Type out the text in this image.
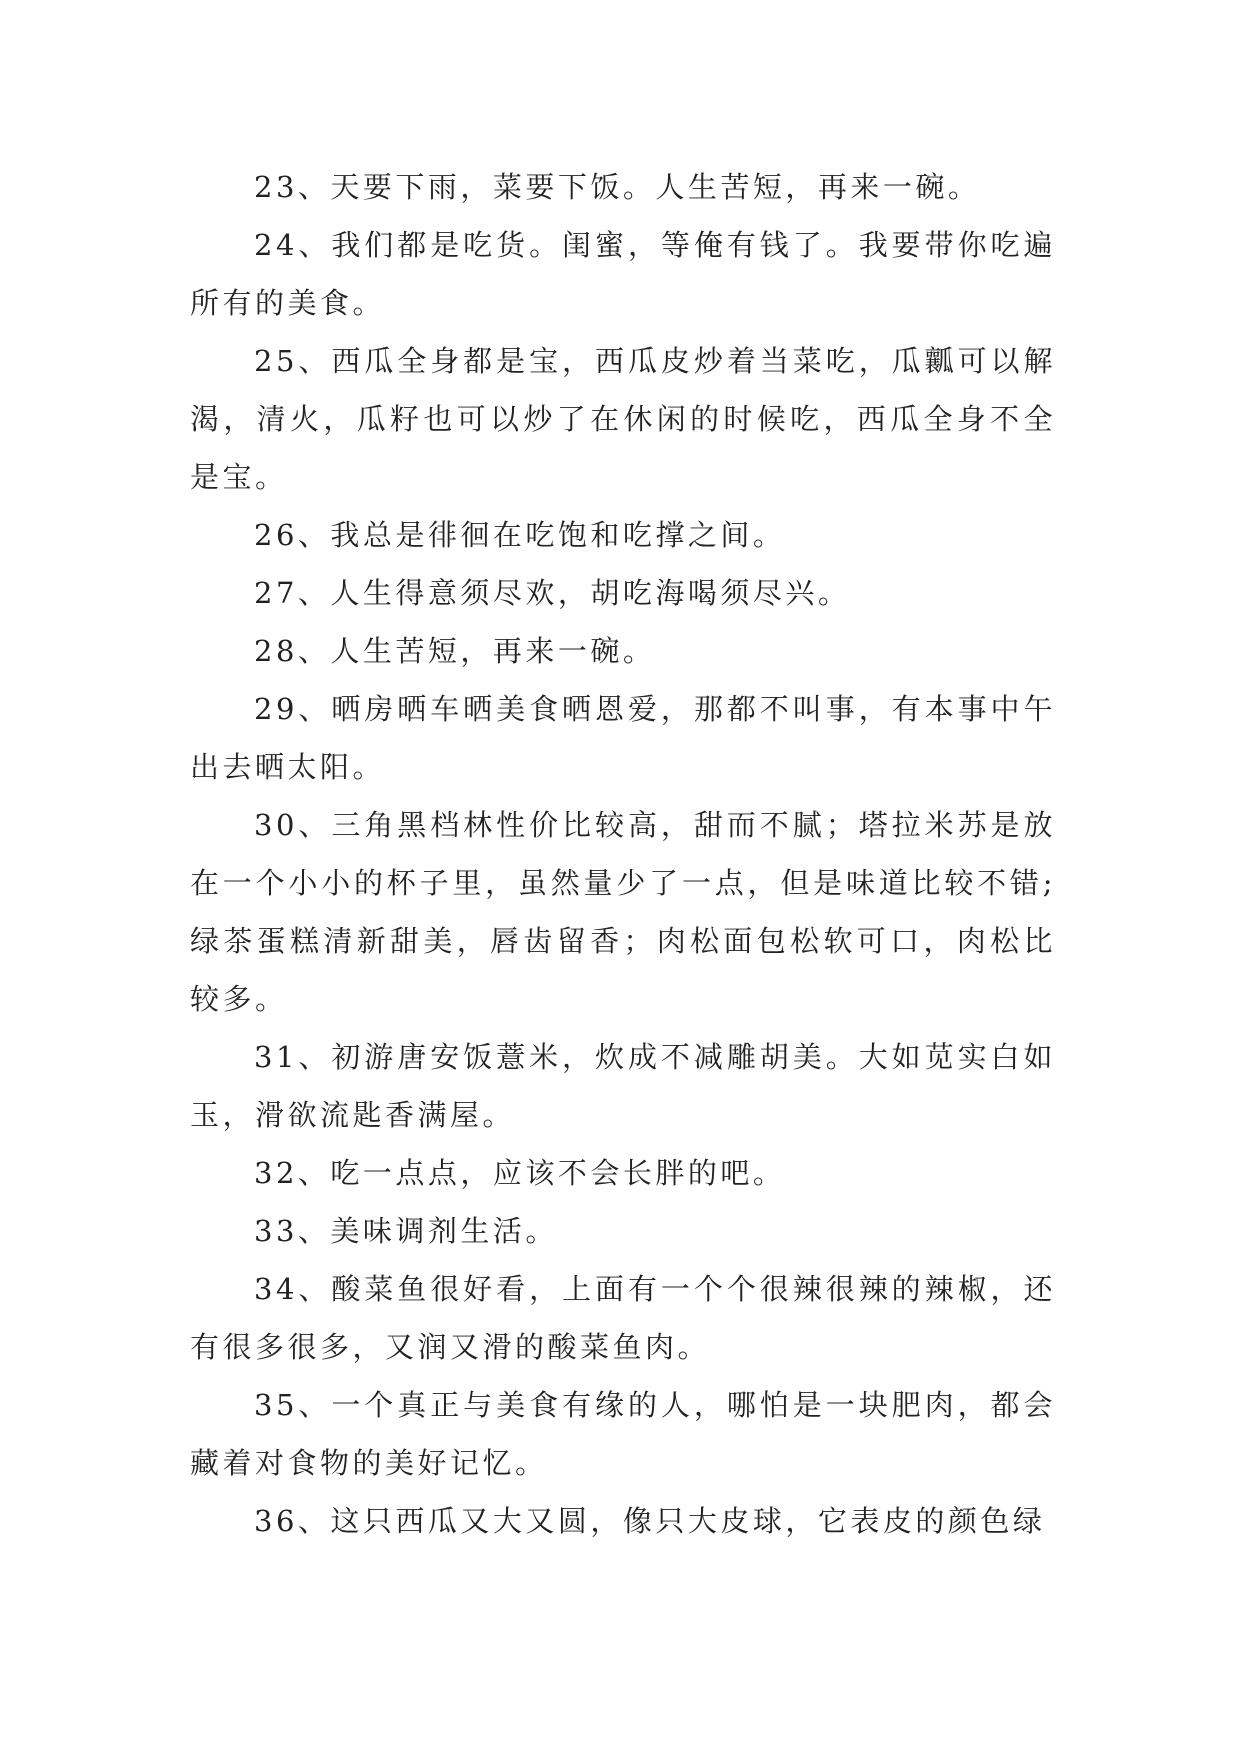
23、天要下雨，菜要下饭。人生苦短，再来一碗。

24、我们都是吃货。闺蜜，等俺有钱了。我要带你吃遍所有的美食。

25、西瓜全身都是宝，西瓜皮炒着当菜吃，瓜瓤可以解渴，清火，瓜籽也可以炒了在休闲的时候吃，西瓜全身不全是宝。

26、我总是徘徊在吃饱和吃撑之间。

27、人生得意须尽欢，胡吃海喝须尽兴。

28、人生苦短，再来一碗。

29、晒房晒车晒美食晒恩爱，那都不叫事，有本事中午出去晒太阳。

30、三角黑档林性价比较高，甜而不腻；塔拉米苏是放在一个小小的杯子里，虽然量少了一点，但是味道比较不错;绿茶蛋糕清新甜美，唇齿留香；肉松面包松软可口，肉松比较多。

31、初游唐安饭薏米，炊成不减雕胡美。大如苋实白如玉，滑欲流匙香满屋。

32、吃一点点，应该不会长胖的吧。

33、美味调剂生活。

34、酸菜鱼很好看，上面有一个个很辣很辣的辣椒，还有很多很多，又润又滑的酸菜鱼肉。

35、一个真正与美食有缘的人，哪怕是一块肥肉，都会藏着对食物的美好记忆。

36、这只西瓜又大又圆，像只大皮球，它表皮的颜色绿
